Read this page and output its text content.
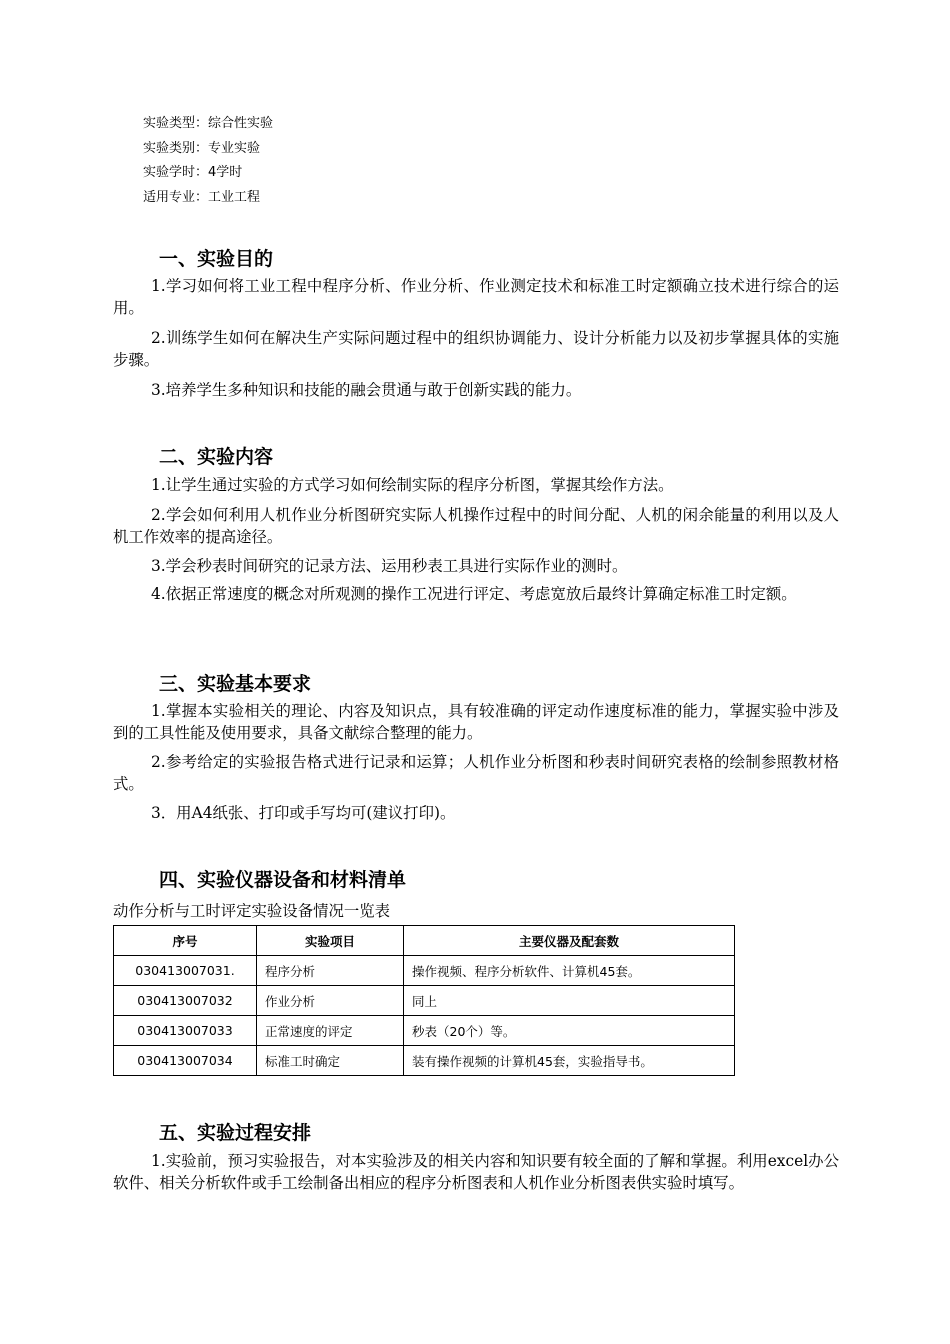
实验类型：综合性实验
实验类别：专业实验
实验学时：4学时
适用专业：工业工程
一、实验目的
1.学习如何将工业工程中程序分析、作业分析、作业测定技术和标准工时定额确立技术进行综合的运用。
2.训练学生如何在解决生产实际问题过程中的组织协调能力、设计分析能力以及初步掌握具体的实施步骤。
3.培养学生多种知识和技能的融会贯通与敢于创新实践的能力。
二、实验内容
1.让学生通过实验的方式学习如何绘制实际的程序分析图，掌握其绘作方法。
2.学会如何利用人机作业分析图研究实际人机操作过程中的时间分配、人机的闲余能量的利用以及人机工作效率的提高途径。
3.学会秒表时间研究的记录方法、运用秒表工具进行实际作业的测时。
4.依据正常速度的概念对所观测的操作工况进行评定、考虑宽放后最终计算确定标准工时定额。
三、实验基本要求
1.掌握本实验相关的理论、内容及知识点，具有较准确的评定动作速度标准的能力，掌握实验中涉及到的工具性能及使用要求，具备文献综合整理的能力。
2.参考给定的实验报告格式进行记录和运算；人机作业分析图和秒表时间研究表格的绘制参照教材格式。
3．用A4纸张、打印或手写均可(建议打印)。
四、实验仪器设备和材料清单
动作分析与工时评定实验设备情况一览表
序号	实验项目	主要仪器及配套数
030413007031.	程序分析	操作视频、程序分析软件、计算机45套。
030413007032	作业分析	同上
030413007033	正常速度的评定	秒表（20个）等。
030413007034	标准工时确定	装有操作视频的计算机45套，实验指导书。
五、实验过程安排
1.实验前，预习实验报告，对本实验涉及的相关内容和知识要有较全面的了解和掌握。利用excel办公软件、相关分析软件或手工绘制备出相应的程序分析图表和人机作业分析图表供实验时填写。
